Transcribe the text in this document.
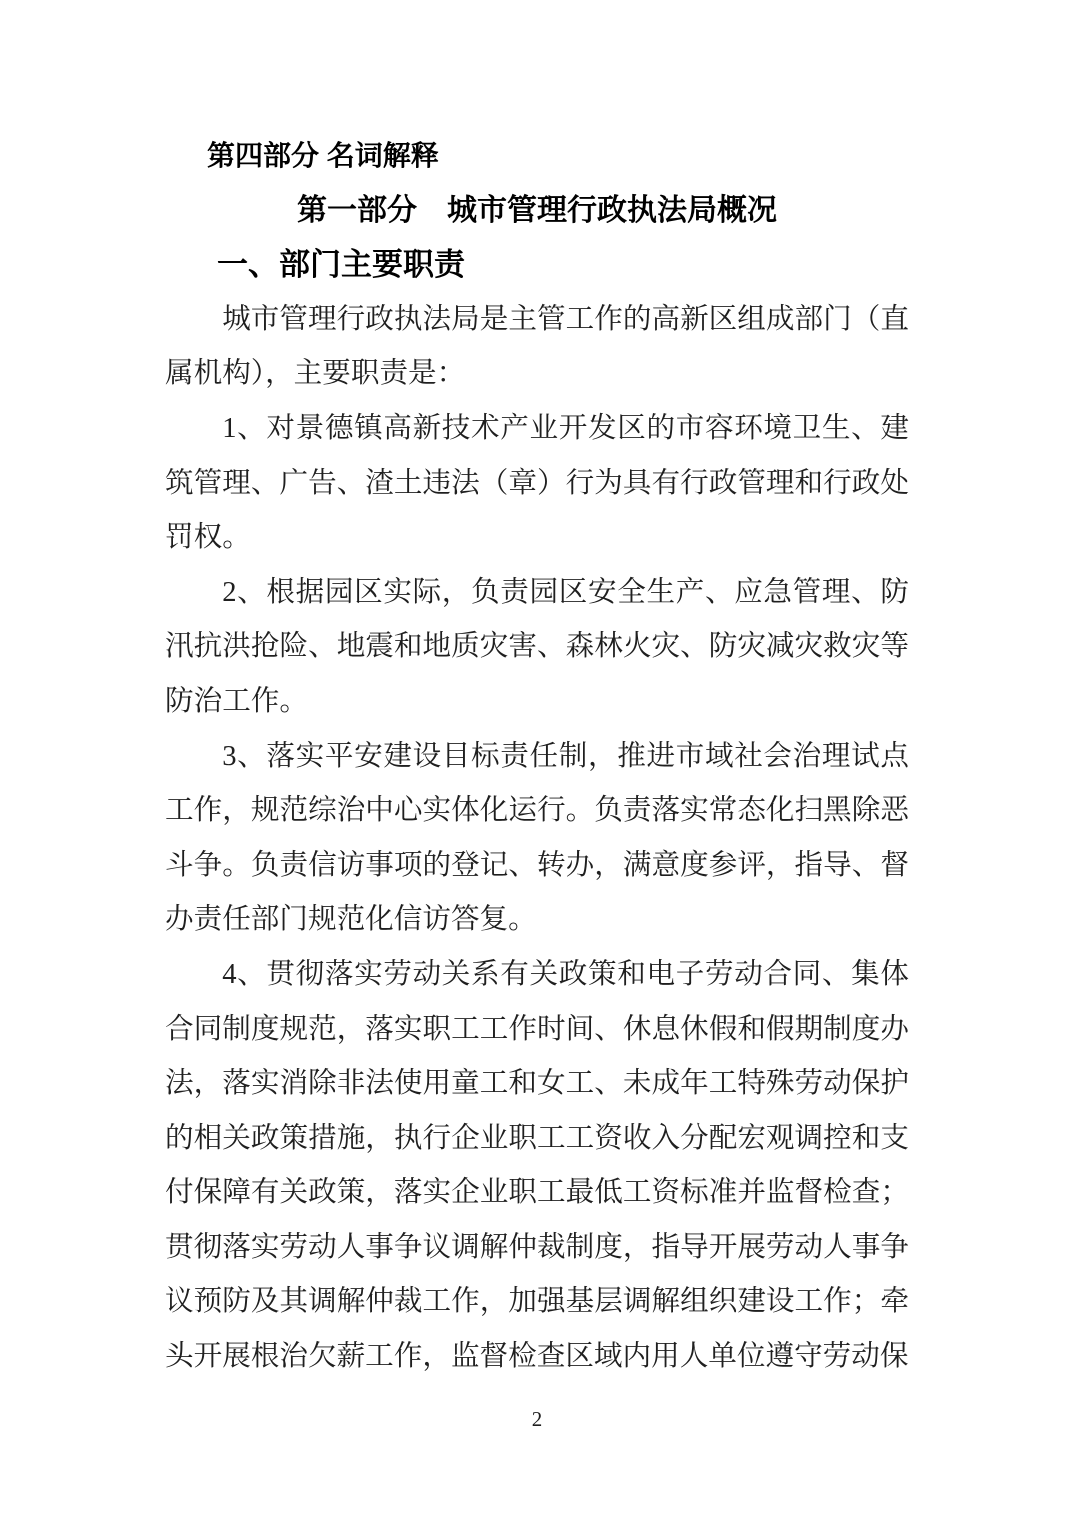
第四部分 名词解释
第一部分　城市管理行政执法局概况
一、部门主要职责

城市管理行政执法局是主管工作的高新区组成部门（直属机构），主要职责是：

1、对景德镇高新技术产业开发区的市容环境卫生、建筑管理、广告、渣土违法（章）行为具有行政管理和行政处罚权。

2、根据园区实际，负责园区安全生产、应急管理、防汛抗洪抢险、地震和地质灾害、森林火灾、防灾减灾救灾等防治工作。

3、落实平安建设目标责任制，推进市域社会治理试点工作，规范综治中心实体化运行。负责落实常态化扫黑除恶斗争。负责信访事项的登记、转办，满意度参评，指导、督办责任部门规范化信访答复。

4、贯彻落实劳动关系有关政策和电子劳动合同、集体合同制度规范，落实职工工作时间、休息休假和假期制度办法，落实消除非法使用童工和女工、未成年工特殊劳动保护的相关政策措施，执行企业职工工资收入分配宏观调控和支付保障有关政策，落实企业职工最低工资标准并监督检查；贯彻落实劳动人事争议调解仲裁制度，指导开展劳动人事争议预防及其调解仲裁工作，加强基层调解组织建设工作；牵头开展根治欠薪工作，监督检查区域内用人单位遵守劳动保

2
